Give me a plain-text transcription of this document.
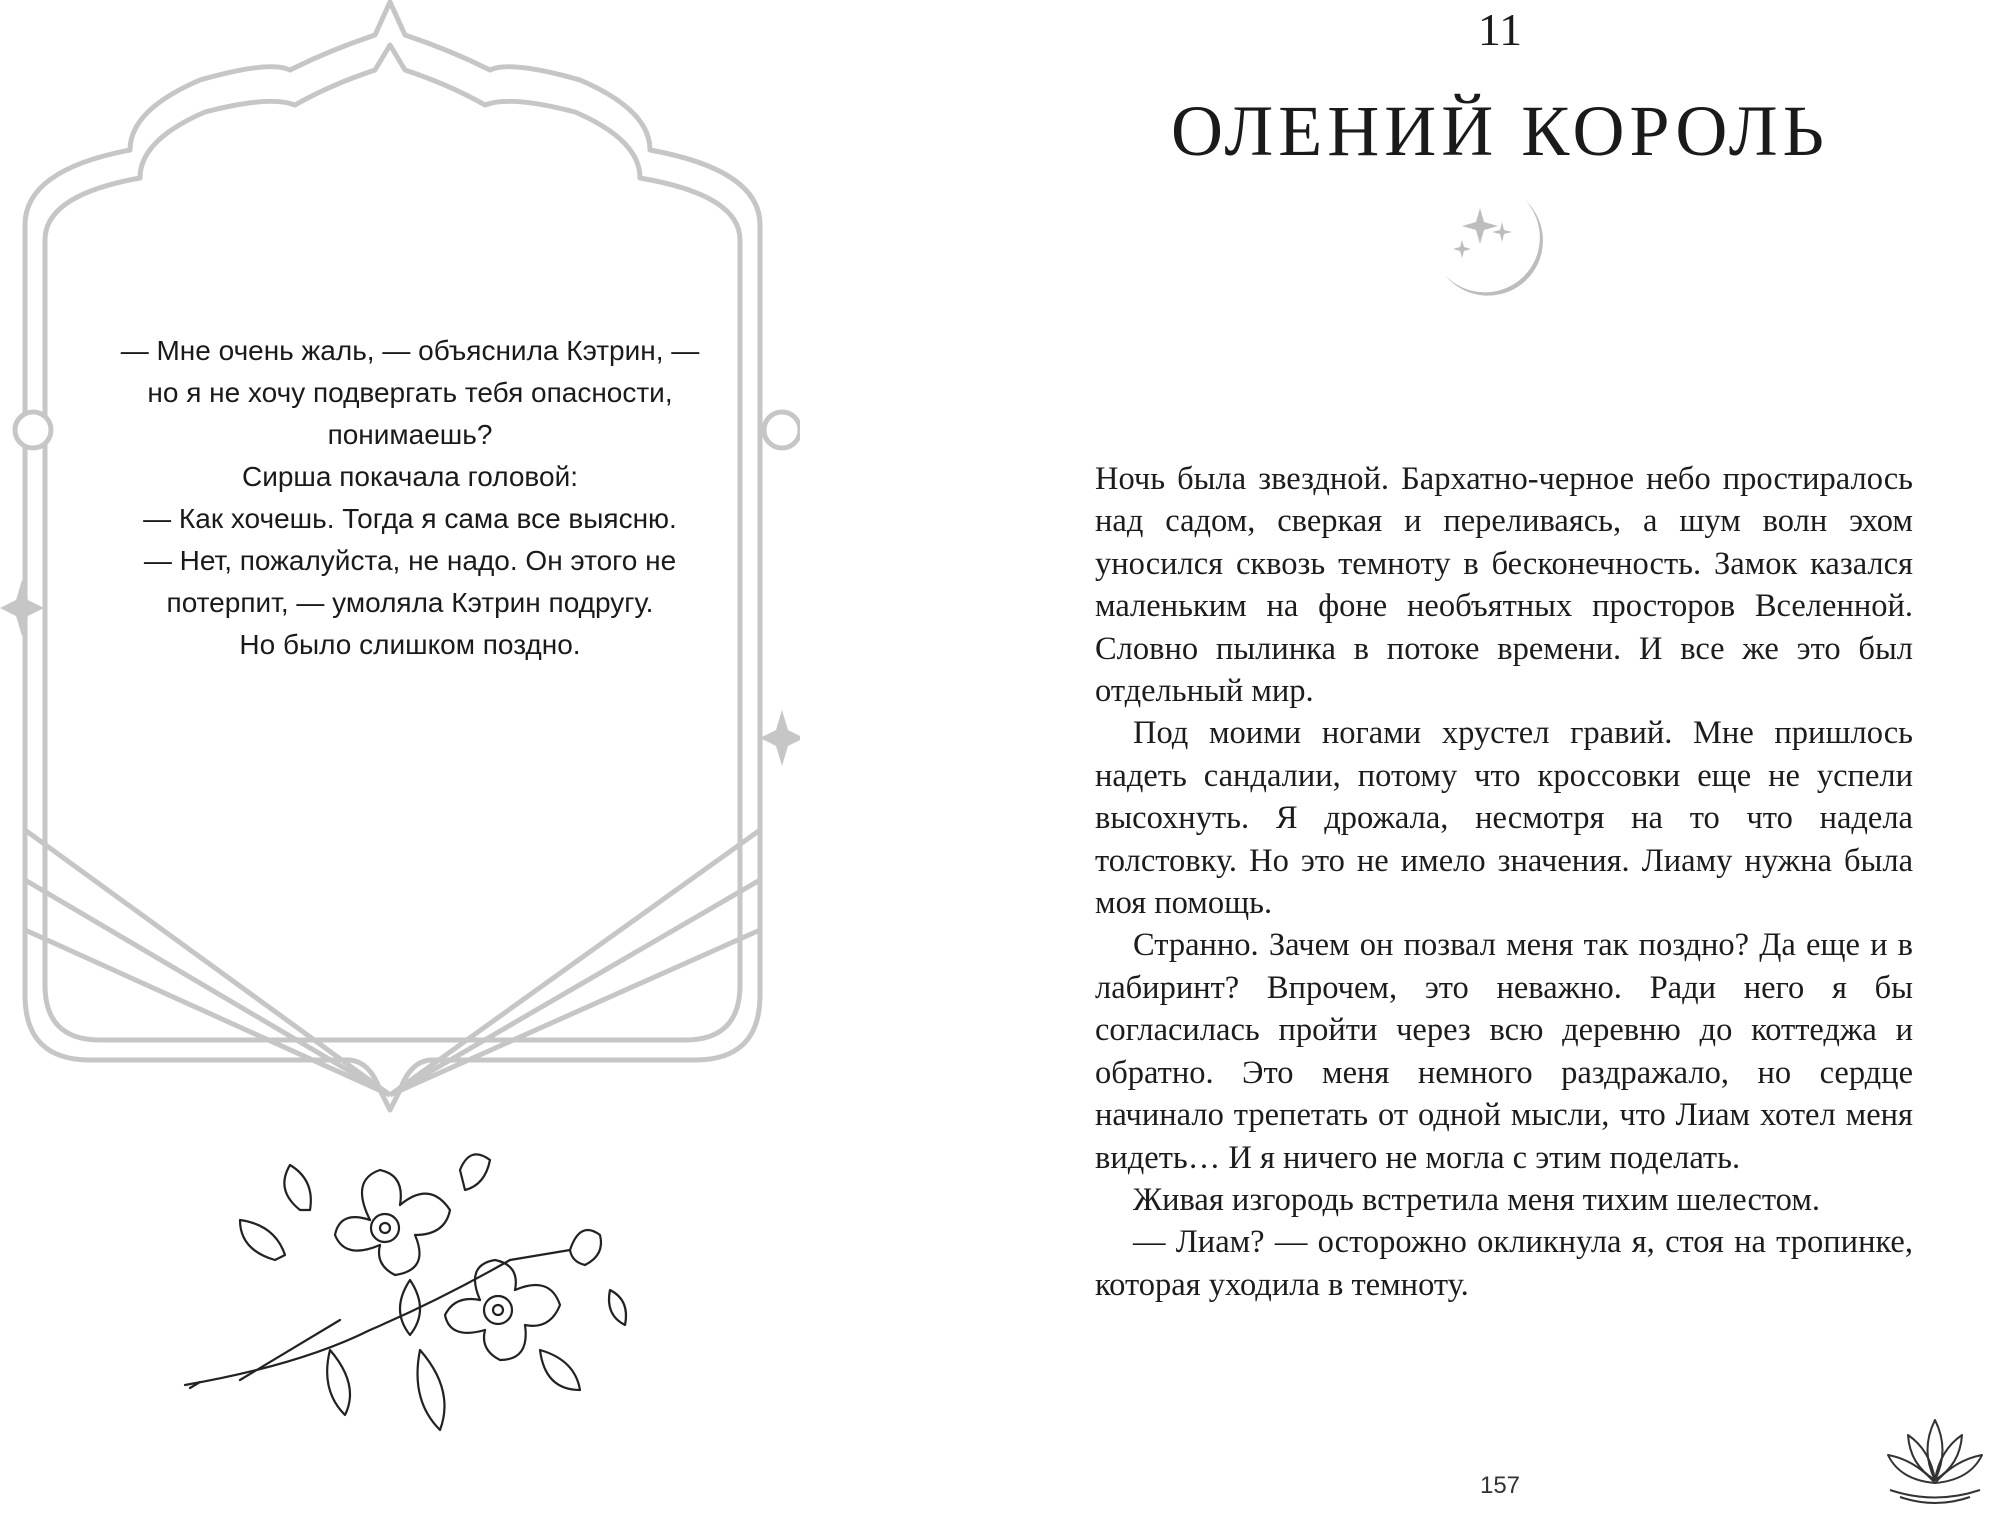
— Мне очень жаль, — объяснила Кэтрин, —

но я не хочу подвергать тебя опасности,

понимаешь?

Сирша покачала головой:

— Как хочешь. Тогда я сама все выясню.

— Нет, пожалуйста, не надо. Он этого не

потерпит, — умоляла Кэтрин подругу.

Но было слишком поздно.

11
ОЛЕНИЙ КОРОЛЬ

Ночь была звездной. Бархатно-черное небо простиралось над садом, сверкая и переливаясь, а шум волн эхом уносился сквозь темноту в бесконечность. Замок казался маленьким на фоне необъятных просторов Вселенной. Словно пылинка в потоке времени. И все же это был отдельный мир.

Под моими ногами хрустел гравий. Мне пришлось надеть сандалии, потому что кроссовки еще не успели высохнуть. Я дрожала, несмотря на то что надела толстовку. Но это не имело значения. Лиаму нужна была моя помощь.

Странно. Зачем он позвал меня так поздно? Да еще и в лабиринт? Впрочем, это неважно. Ради него я бы согласилась пройти через всю деревню до коттеджа и обратно. Это меня немного раздражало, но сердце начинало трепетать от одной мысли, что Лиам хотел меня видеть… И я ничего не могла с этим поделать.

Живая изгородь встретила меня тихим шелестом.

— Лиам? — осторожно окликнула я, стоя на тропинке, которая уходила в темноту.

157
